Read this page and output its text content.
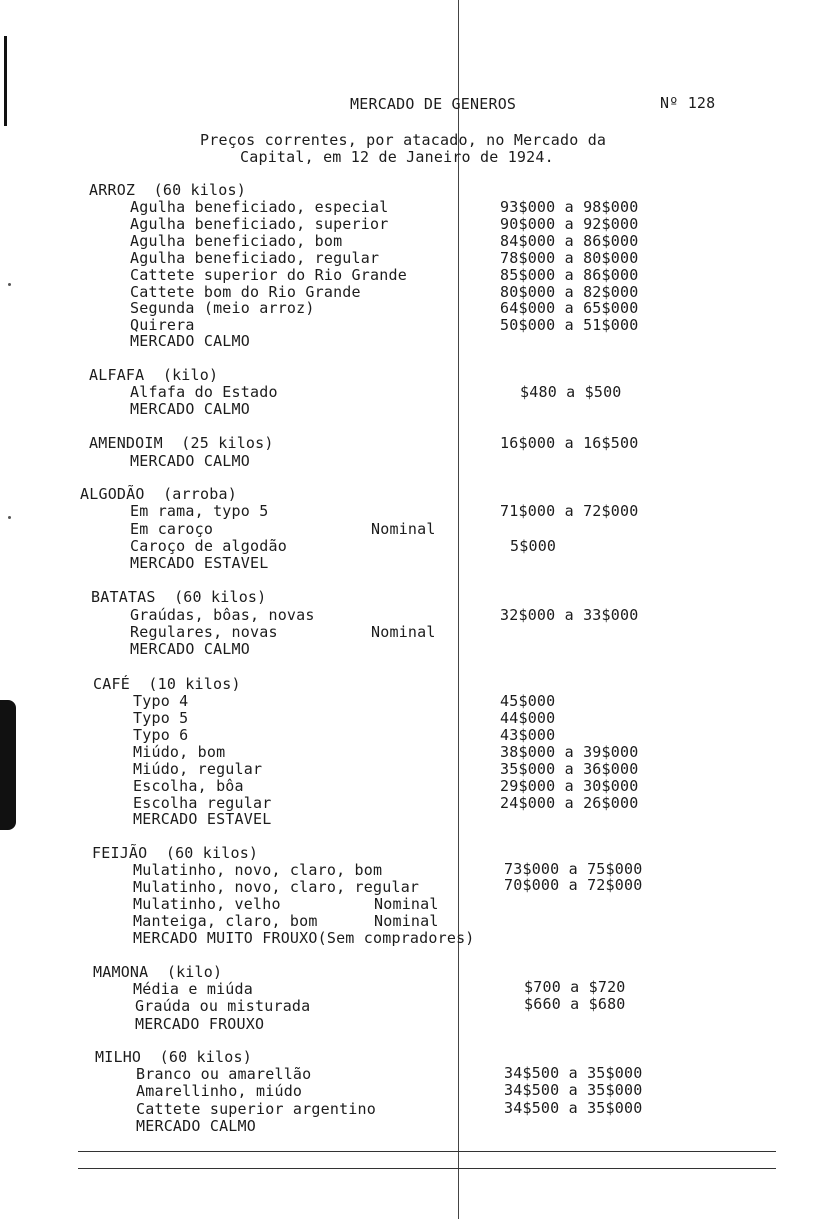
MERCADO DE GENEROS	Nº 128
Preços correntes, por atacado, no Mercado da
Capital, em 12 de Janeiro de 1924.
ARROZ  (60 kilos)
Agulha beneficiado, especial	93$000 a 98$000
Agulha beneficiado, superior	90$000 a 92$000
Agulha beneficiado, bom	84$000 a 86$000
Agulha beneficiado, regular	78$000 a 80$000
Cattete superior do Rio Grande	85$000 a 86$000
Cattete bom do Rio Grande	80$000 a 82$000
Segunda (meio arroz)	64$000 a 65$000
Quirera	50$000 a 51$000
MERCADO CALMO
ALFAFA  (kilo)
Alfafa do Estado	$480 a $500
MERCADO CALMO
AMENDOIM  (25 kilos)	16$000 a 16$500
MERCADO CALMO
ALGODÃO  (arroba)
Em rama, typo 5	71$000 a 72$000
Em caroço	Nominal
Caroço de algodão	5$000
MERCADO ESTAVEL
BATATAS  (60 kilos)
Graúdas, bôas, novas	32$000 a 33$000
Regulares, novas	Nominal
MERCADO CALMO
CAFÉ  (10 kilos)
Typo 4	45$000
Typo 5	44$000
Typo 6	43$000
Miúdo, bom	38$000 a 39$000
Miúdo, regular	35$000 a 36$000
Escolha, bôa	29$000 a 30$000
Escolha regular	24$000 a 26$000
MERCADO ESTAVEL
FEIJÃO  (60 kilos)
Mulatinho, novo, claro, bom	73$000 a 75$000
Mulatinho, novo, claro, regular	70$000 a 72$000
Mulatinho, velho	Nominal
Manteiga, claro, bom	Nominal
MERCADO MUITO FROUXO(Sem compradores)
MAMONA  (kilo)
Média e miúda	$700 a $720
Graúda ou misturada	$660 a $680
MERCADO FROUXO
MILHO  (60 kilos)
Branco ou amarellão	34$500 a 35$000
Amarellinho, miúdo	34$500 a 35$000
Cattete superior argentino	34$500 a 35$000
MERCADO CALMO
